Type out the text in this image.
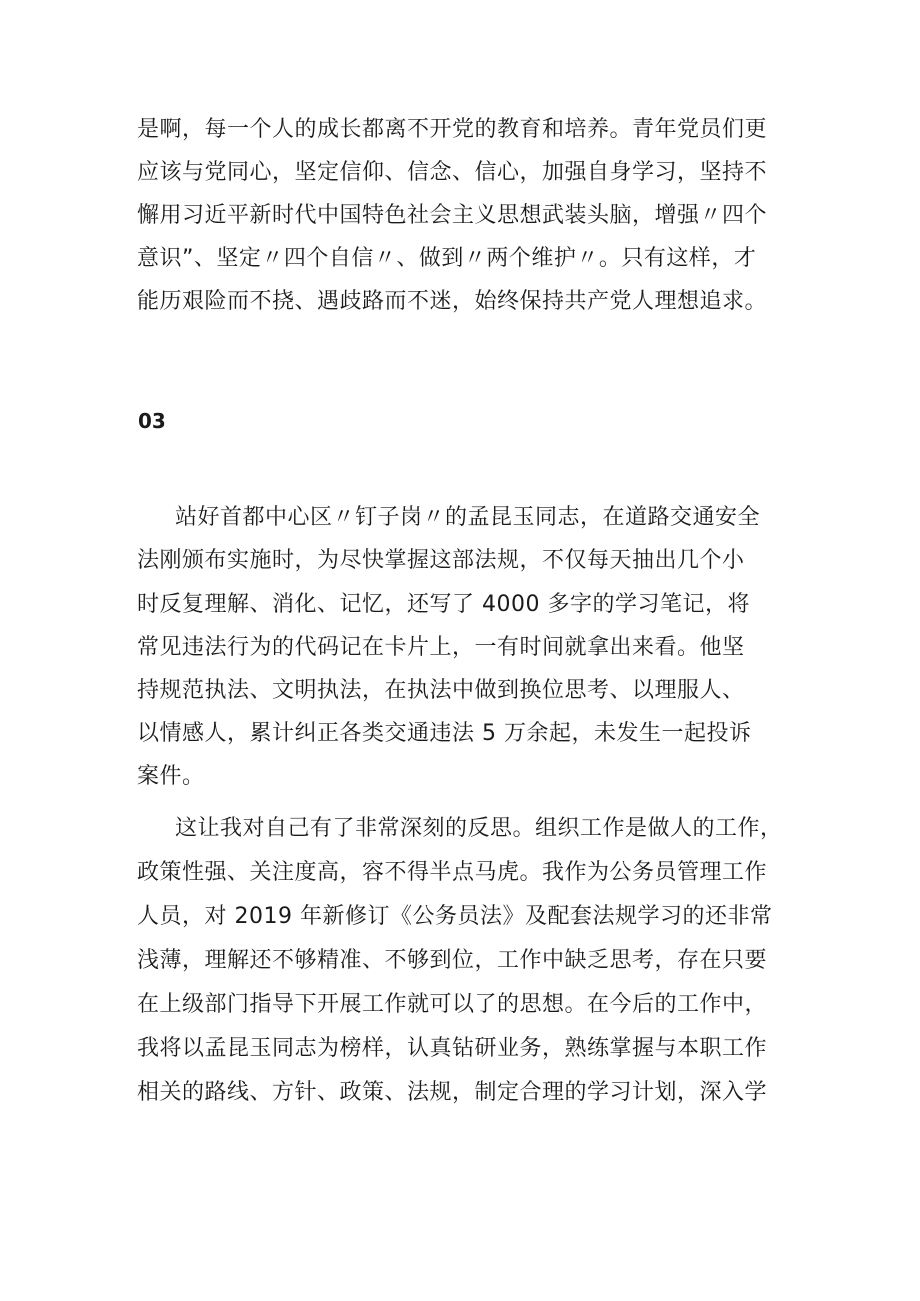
是啊，每一个人的成长都离不开党的教育和培养。青年党员们更

应该与党同心，坚定信仰、信念、信心，加强自身学习，坚持不

懈用习近平新时代中国特色社会主义思想武装头脑，增强〃四个

意识”、坚定〃四个自信〃、做到〃两个维护〃。只有这样，才

能历艰险而不挠、遇歧路而不迷，始终保持共产党人理想追求。

03

站好首都中心区〃钉子岗〃的孟昆玉同志，在道路交通安全

法刚颁布实施时，为尽快掌握这部法规，不仅每天抽出几个小

时反复理解、消化、记忆，还写了 4000 多字的学习笔记，将

常见违法行为的代码记在卡片上，一有时间就拿出来看。他坚

持规范执法、文明执法，在执法中做到换位思考、以理服人、

以情感人，累计纠正各类交通违法 5 万余起，未发生一起投诉

案件。

这让我对自己有了非常深刻的反思。组织工作是做人的工作，

政策性强、关注度高，容不得半点马虎。我作为公务员管理工作

人员，对 2019 年新修订《公务员法》及配套法规学习的还非常

浅薄，理解还不够精准、不够到位，工作中缺乏思考，存在只要

在上级部门指导下开展工作就可以了的思想。在今后的工作中，

我将以孟昆玉同志为榜样，认真钻研业务，熟练掌握与本职工作

相关的路线、方针、政策、法规，制定合理的学习计划，深入学
